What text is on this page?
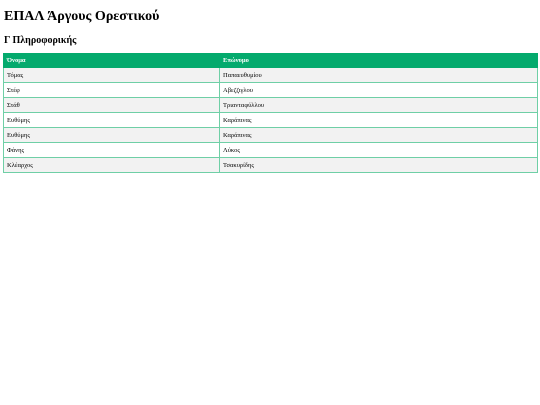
ΕΠΑΛ Άργους Ορεστικού
Γ Πληροφορικής
Όνομα	Επώνυμο
Τόμας	Παπαευθυμίου
Στέφ	Αβεζζιγλου
Στάθ	Τριανταφύλλου
Ευθύμης	Καράπινας
Ευθύμης	Καράπινας
Φάνης	Λύκος
Κλέαρχος	Τσακυρίδης
